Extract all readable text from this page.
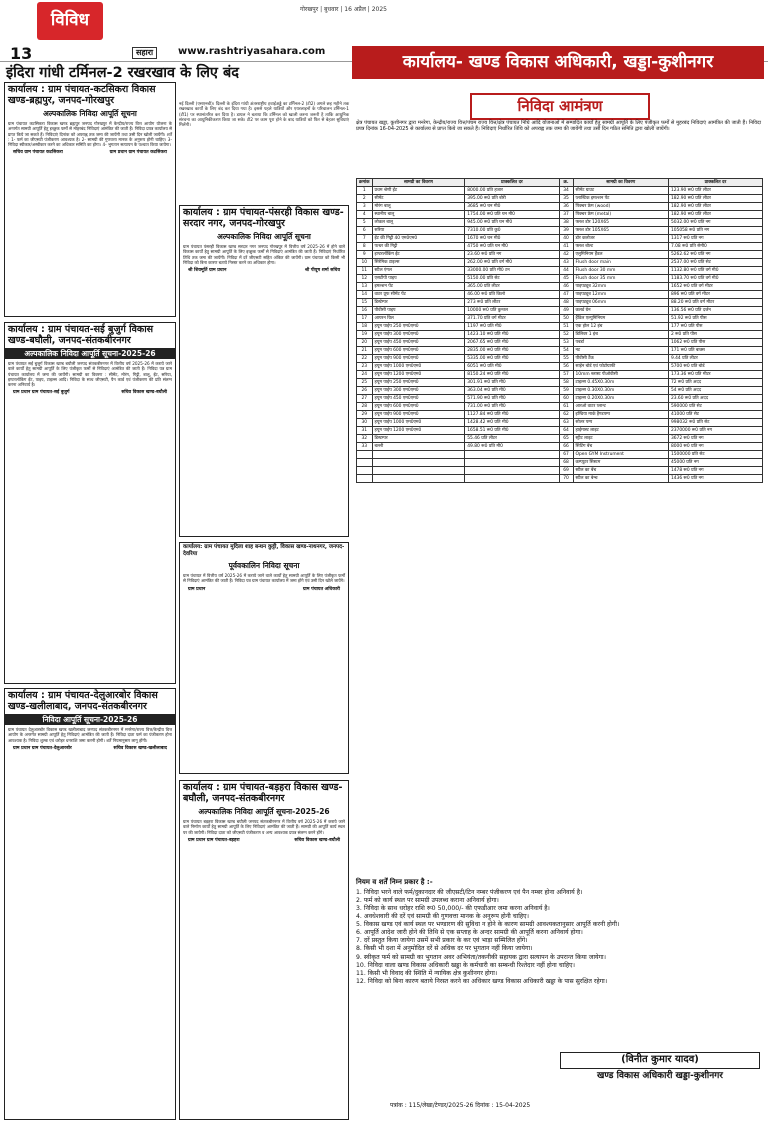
विविध
गोरखपुर | बुधवार | 16 अप्रैल | 2025
13	सहारा	www.rashtriyasahara.com
इंदिरा गांधी टर्मिनल-2 रखरखाव के लिए बंद
कार्यालय : ग्राम पंचायत-कटसिकरा विकास खण्ड-ब्रह्मपुर, जनपद-गोरखपुर
अल्पकालिक निविदा आपूर्ति सूचना
ग्राम पंचायत कटसिकरा विकास खण्ड ब्रह्मपुर जनपद गोरखपुर में केन्द्रीय/राज्य वित्त आयोग योजना के अन्तर्गत सामग्री आपूर्ति हेतु इच्छुक फर्मों से मोहरबंद निविदाएं आमंत्रित की जाती हैं। निविदा प्रपत्र कार्यालय से प्राप्त किये जा सकते हैं। निविदाएं दिनांक को अपराह्न तक जमा की जायेंगी तथा उसी दिन खोली जायेंगी। शर्तें : 1- फर्म का जीएसटी पंजीकरण आवश्यक है। 2- सामग्री की गुणवत्ता मानक के अनुरूप होनी चाहिए। 3- निविदा स्वीकार/अस्वीकार करने का अधिकार समिति का होगा। 4- भुगतान सत्यापन के पश्चात किया जायेगा।
सचिव ग्राम पंचायत कटसिकरा	ग्राम प्रधान ग्राम पंचायत कटसिकरा
कार्यालय : ग्राम पंचायत-सई बुजुर्ग विकास खण्ड-बघौली, जनपद-संतकबीरनगर
अल्पकालिक निविदा आपूर्ति सूचना-2025-26
ग्राम पंचायत सई बुजुर्ग विकास खण्ड बघौली जनपद संतकबीरनगर में वित्तीय वर्ष 2025-26 में कराये जाने वाले कार्यों हेतु सामग्री आपूर्ति के लिए पंजीकृत फर्मों से निविदाएं आमंत्रित की जाती हैं। निविदा पत्र ग्राम पंचायत कार्यालय में जमा की जायेंगी। सामग्री का विवरण : सीमेंट, मोरंग, गिट्टी, बालू, ईंट, सरिया, इण्टरलॉकिंग ईंट, पाइप, टाइल्स आदि। निविदा के साथ जीएसटी, पैन कार्ड एवं पंजीकरण की प्रति संलग्न करना अनिवार्य है।
ग्राम प्रधान ग्राम पंचायत-सई बुजुर्ग	सचिव विकास खण्ड-बघौली
कार्यालय : ग्राम पंचायत-देलुआरबोर विकास खण्ड-खलीलाबाद, जनपद-संतकबीरनगर
निविदा आपूर्ति सूचना-2025-26
ग्राम पंचायत देलुआरबोर विकास खण्ड खलीलाबाद जनपद संतकबीरनगर में मनरेगा/राज्य वित्त/केन्द्रीय वित्त आयोग के अन्तर्गत सामग्री आपूर्ति हेतु निविदाएं आमंत्रित की जाती हैं। निविदा दाता फर्म का पंजीकरण होना आवश्यक है। निविदा शुल्क एवं धरोहर धनराशि जमा करनी होगी। शर्तें नियमानुसार लागू होंगी।
ग्राम प्रधान ग्राम पंचायत-देलुआरबोर	सचिव विकास खण्ड-खलीलाबाद
नई दिल्ली (एसएनबी)। दिल्ली के इंदिरा गांधी अंतरराष्ट्रीय हवाईअड्डे का टर्मिनल-2 (टी2) अगले छह महीने तक रखरखाव कार्यों के लिए बंद कर दिया गया है। इससे पहले यात्रियों और एयरलाइनों के परिचालन टर्मिनल-1 (टी1) पर स्थानांतरित कर दिया है। डायल ने बताया कि टर्मिनल को खाली करना जरूरी है ताकि आधुनिक संरचना का आधुनिकीकरण किया जा सके। टी2 पर काम पूरा होने के बाद यात्रियों को फिर से बेहतर सुविधाएं मिलेंगी।
कार्यालय : ग्राम पंचायत-पंसरही विकास खण्ड-सरदार नगर, जनपद-गोरखपुर
अल्पकालिक निविदा आपूर्ति सूचना
ग्राम पंचायत पंसरही विकास खण्ड सरदार नगर जनपद गोरखपुर में वित्तीय वर्ष 2025-26 में होने वाले विकास कार्यों हेतु सामग्री आपूर्ति के लिए इच्छुक फर्मों से निविदाएं आमंत्रित की जाती हैं। निविदाएं निर्धारित तिथि तक जमा की जायेंगी। निविदा में दरें जीएसटी सहित अंकित की जायेंगी। ग्राम पंचायत को किसी भी निविदा को बिना कारण बताये निरस्त करने का अधिकार होगा।
श्री शिवमूर्ति ग्राम प्रधान	श्री पीयूष शर्मा सचिव
कार्यालय: ग्राम पंचायत मुदिला शाह बन्धन कुट्टी, विकास खण्ड-नाथनगर, जनपद-देवरिया
पूर्ववकालिन निविदा सूचना
ग्राम पंचायत में वित्तीय वर्ष 2025-26 में कराये जाने वाले कार्यों हेतु सामग्री आपूर्ति के लिए पंजीकृत फर्मों से निविदाएं आमंत्रित की जाती हैं। निविदा पत्र ग्राम पंचायत कार्यालय में जमा होंगे एवं उसी दिन खोले जायेंगे।
ग्राम प्रधान	ग्राम पंचायत अधिकारी
कार्यालय : ग्राम पंचायत-बड़हरा विकास खण्ड-बघौली, जनपद-संतकबीरनगर
अल्पकालिक निविदा आपूर्ति सूचना-2025-26
ग्राम पंचायत बड़हरा विकास खण्ड बघौली जनपद संतकबीरनगर में वित्तीय वर्ष 2025-26 में कराये जाने वाले निर्माण कार्यों हेतु सामग्री आपूर्ति के लिए निविदाएं आमंत्रित की जाती हैं। सामग्री की आपूर्ति कार्य स्थल पर की जायेगी। निविदा दाता को जीएसटी पंजीकरण व अन्य आवश्यक प्रपत्र संलग्न करने होंगे।
ग्राम प्रधान ग्राम पंचायत-बड़हरा	सचिव विकास खण्ड-बघौली
कार्यालय- खण्ड विकास अधिकारी, खड्डा-कुशीनगर
निविदा आमंत्रण
क्षेत्र पंचायत खड्डा, कुशीनगर द्वारा मनरेगा, केन्द्रीय/राज्य वित्त/पंचम राज्य वित्त/क्षेत्र पंचायत निधि आदि योजनाओं में सम्पादित कार्यों हेतु सामग्री आपूर्ति के लिए पंजीकृत फर्मों से मुहरबंद निविदाएं आमंत्रित की जाती हैं। निविदा प्रपत्र दिनांक 16-04-2025 से कार्यालय से प्राप्त किये जा सकते हैं। निविदाएं निर्धारित तिथि को अपराह्न तक जमा की जायेंगी तथा उसी दिन गठित समिति द्वारा खोली जायेंगी।
क्रमांक	सामग्री का विवरण	प्राक्कलित दर	क्र.	सामग्री का विवरण	प्राक्कलित दर
1	प्रथम श्रेणी ईंट	8000.00 प्रति हजार	34	सीमेंट ग्राउट	123.90 रू0 प्रति लीटर
2	सीमेंट	395.00 रू0 प्रति बोरी	35	प्लास्टिक इमल्शन पेंट	182.90 रू0 प्रति लीटर
3	मोरंग बालू	3685 रू0 घन मी0	36	पिक्चर फ्रेम (wood)	182.90 रू0 प्रति लीटर
4	स्थानीय बालू	1754.00 रू0 प्रति घन मी0	37	पिक्चर फ्रेम (metal)	182.90 रू0 प्रति लीटर
5	लोकल बालू	945.00 रू0 प्रति घन मी0	38	फ्लश डोर 120X65	5032.00 रू0 प्रति नग
6	सरिया	7310.00 प्रति कु0	39	फ्लश डोर 105X65	105058 रू0 प्रति नग
7	ईंट की गिट्टी 40 एम0एम0	1670 रू0 घन मी0	40	डोर कलोजर	1317 रू0 प्रति नग
8	पत्थर की गिट्टी	4750 रू0 प्रति घन मी0	41	फ्लश बोल्ट	7.08 रू0 प्रति सेमी0
9	इण्टरलॉकिंग ईंट	23.60 रू0 प्रति नग	42	एलुमिनियम हैंडल	5262.62 रू0 प्रति नग
10	सिरेमिक टाइल्स	262.00 रू0 प्रति वर्ग मी0	43	Flush door main	2537.00 रू0 प्रति सेट
11	स्टील एंगल	33000.00 प्रति मी0 टन	44	Flush door 30 mm	1132.80 रू0 प्रति वर्ग मी0
12	एसटीपी पाइप	5150.00 प्रति सेट	45	Flush door 35 mm	1183.70 रू0 प्रति वर्ग मी0
13	इमल्शन पेंट	365.00 प्रति लीटर	46	पाइपट्यूब 32mm	1652 रू0 प्रति वर्ग मीटर
14	वाटर प्रूफ सीमेंट पेंट	46.00 रू0 प्रति किलो	47	पाइपट्यूब 12mm	896 रू0 प्रति वर्ग मीटर
15	डिस्टेम्पर	273 रू0 प्रति लीटर	48	पाइपट्यूब 06mm	88.20 रू0 प्रति वर्ग मीटर
16	पीवीसी पाइप	10000 रू0 प्रति कुन्तल	49	कलर्ड ग्रेन	136.56 रू0 प्रति दर्जन
17	आयरन ग्रिल	371.70 प्रति वर्ग मीटर	50	हैंडिल एल्युमिनियम	51.92 रू0 प्रति पीस
18	हयूम पाईप 250 एम0एम0	1197 रू0 प्रति मी0	51	एक होल 12 इंच	177 रू0 प्रति पीस
19	हयूम पाईप 300 एम0एम0	1423.10 रू0 प्रति मी0	52	डिलिवर 1 इंच	2 रू0 प्रति पीस
20	हयूम पाईप 450 एम0एम0	2067.65 रू0 प्रति मी0	53	पबर्डा	1062 रू0 प्रति पीस
21	हयूम पाईप 600 एम0एम0	2835.00 रू0 प्रति मी0	54	नट	171 रू0 प्रति बाक्स
22	हयूम पाईप 900 एम0एम0	5335.00 रू0 प्रति मी0	55	पीवीसी टैंक	9.44 प्रति लीटर
23	हयूम पाईप 1000 एम0एम0	6051 रू0 प्रति मी0	56	साईन बोर्ड एवं फोटोग्राफी	5700 रू0 प्रति बोर्ड
24	हयूम पाईप 1200 एम0एम0	8150.24 रू0 प्रति मी0	57	10mm ब्लास्ट पीओवीसी	173.36 रू0 प्रति मीटर
25	हयूम पाईप 250 एम0एम0	301.91 रू0 प्रति मी0	58	टाइल्स 0.45X0.30m	72 रू0 प्रति अदद
26	हयूम पाईप 300 एम0एम0	363.04 रू0 प्रति मी0	59	टाइल्स 0.30X0.30m	54 रू0 प्रति अदद
27	हयूम पाईप 450 एम0एम0	571.90 रू0 प्रति मी0	60	टाइल्स 0.20X0.30m	23.60 रू0 प्रति अदद
28	हयूम पाईप 600 एम0एम0	731.00 रू0 प्रति मी0	61	आरओ वाटर प्लान्ट	590000 प्रति सेट
29	हयूम पाईप 900 एम0एम0	1127.84 रू0 प्रति मी0	62	इण्डिया मार्क हैण्डपम्प	41000 प्रति सेट
30	हयूम पाईप 1000 एम0एम0	1428.42 रू0 प्रति मी0	63	सोलर पम्प	998032 रू0 प्रति सेट
31	हयूम पाईप 1200 एम0एम0	1658.51 रू0 प्रति मी0	64	हाईमास्ट लाइट	2370000 रू0 प्रति नग
32	डिस्टम्पर	55.46 प्रति लीटर	65	स्ट्रीट लाइट	3672 रू0 प्रति नग
33	बल्ली	49.80 रू0 प्रति मी0	66	सिटिंग बेंच	8000 रू0 प्रति नग
			67	Open GYM Instrument	1500000 प्रति सेट
			68	कम्प्यूटर सिस्टम	45000 प्रति नग
			69	स्टील का बेंच	1478 रू0 प्रति नग
			70	स्टील का बेन्च	1436 रू0 प्रति नग
नियम व शर्तें निम्न प्रकार है :-
1. निविदा भरने वाले फर्म/दुकानदार की जीएसटी/टिन नम्बर पंजीकरण एवं पैन नम्बर होना अनिवार्य है।
2. फर्म को कार्य स्थल पर सामग्री उपलब्ध कराना अनिवार्य होगा।
3. निविदा के साथ धरोहर राशि रू0 50,000/- की एफडीआर जमा करना अनिवार्य है।
4. अवधेशवारी की दरें एवं सामग्री की गुणवत्ता मानक के अनुरूप होनी चाहिए।
5. विकास खण्ड एवं कार्य स्थल पर भण्डारण की सुविधा न होने के कारण सामग्री आवश्यकतानुसार आपूर्ति करनी होगी।
6. आपूर्ति आदेश जारी होने की तिथि से एक सप्ताह के अन्दर सामग्री की आपूर्ति करना अनिवार्य होगा।
7. दरें प्रस्तुत किया जायेगा उसमें सभी प्रकार के कर एवं भाड़ा सम्मिलित होंगे।
8. किसी भी दशा में अनुमोदित दरें से अधिक दर पर भुगतान नहीं किया जायेगा।
9. स्वीकृत फर्म को सामग्री का भुगतान अवर अभियंता/तकनीकी सहायक द्वारा सत्यापन के उपरान्त किया जायेगा।
10. निविदा वाला खण्ड विकास अधिकारी खड्डा के कर्मचारी का सम्बन्धी रिश्तेदार नहीं होना चाहिए।
11. किसी भी विवाद की स्थिति में न्यायिक क्षेत्र कुशीनगर होगा।
12. निविदा को बिना कारण बताये निरस्त करने का अधिकार खण्ड विकास अधिकारी खड्डा के पास सुरक्षित रहेगा।
(विनीत कुमार यादव)
खण्ड विकास अधिकारी खड्डा-कुशीनगर
पत्रांक : 115/लेखा/टेण्डर/2025-26 दिनांक : 15-04-2025
